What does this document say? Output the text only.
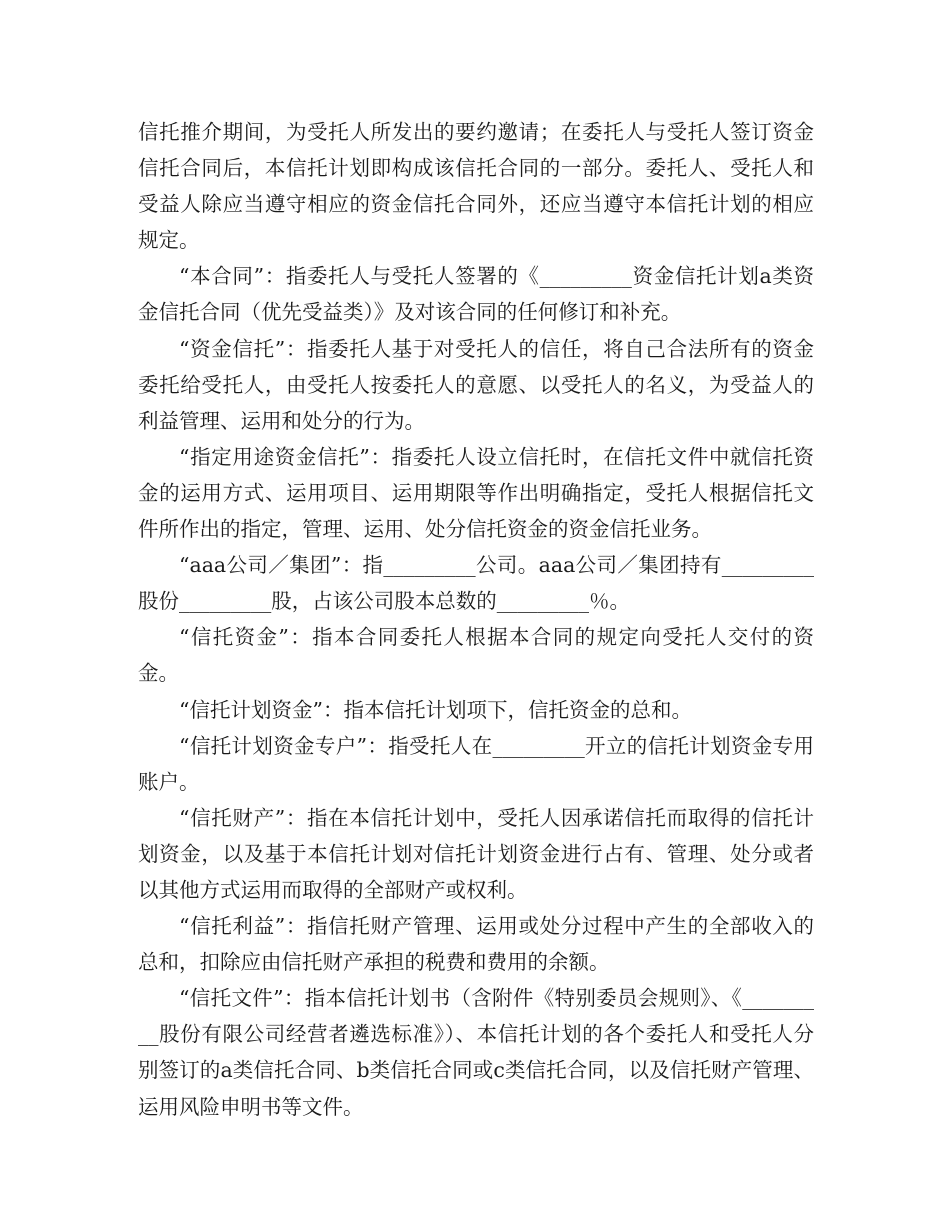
信托推介期间，为受托人所发出的要约邀请；在委托人与受托人签订资金信托合同后，本信托计划即构成该信托合同的一部分。委托人、受托人和受益人除应当遵守相应的资金信托合同外，还应当遵守本信托计划的相应规定。

“本合同”：指委托人与受托人签署的《_________资金信托计划a类资金信托合同（优先受益类）》及对该合同的任何修订和补充。

“资金信托”：指委托人基于对受托人的信任，将自己合法所有的资金委托给受托人，由受托人按委托人的意愿、以受托人的名义，为受益人的利益管理、运用和处分的行为。

“指定用途资金信托”：指委托人设立信托时，在信托文件中就信托资金的运用方式、运用项目、运用期限等作出明确指定，受托人根据信托文件所作出的指定，管理、运用、处分信托资金的资金信托业务。

“aaa公司／集团”：指_________公司。aaa公司／集团持有_________股份_________股，占该公司股本总数的_________％。

“信托资金”：指本合同委托人根据本合同的规定向受托人交付的资金。

“信托计划资金”：指本信托计划项下，信托资金的总和。

“信托计划资金专户”：指受托人在_________开立的信托计划资金专用账户。

“信托财产”：指在本信托计划中，受托人因承诺信托而取得的信托计划资金，以及基于本信托计划对信托计划资金进行占有、管理、处分或者以其他方式运用而取得的全部财产或权利。

“信托利益”：指信托财产管理、运用或处分过程中产生的全部收入的总和，扣除应由信托财产承担的税费和费用的余额。

“信托文件”：指本信托计划书（含附件《特别委员会规则》、《_________股份有限公司经营者遴选标准》）、本信托计划的各个委托人和受托人分别签订的a类信托合同、b类信托合同或c类信托合同，以及信托财产管理、运用风险申明书等文件。
